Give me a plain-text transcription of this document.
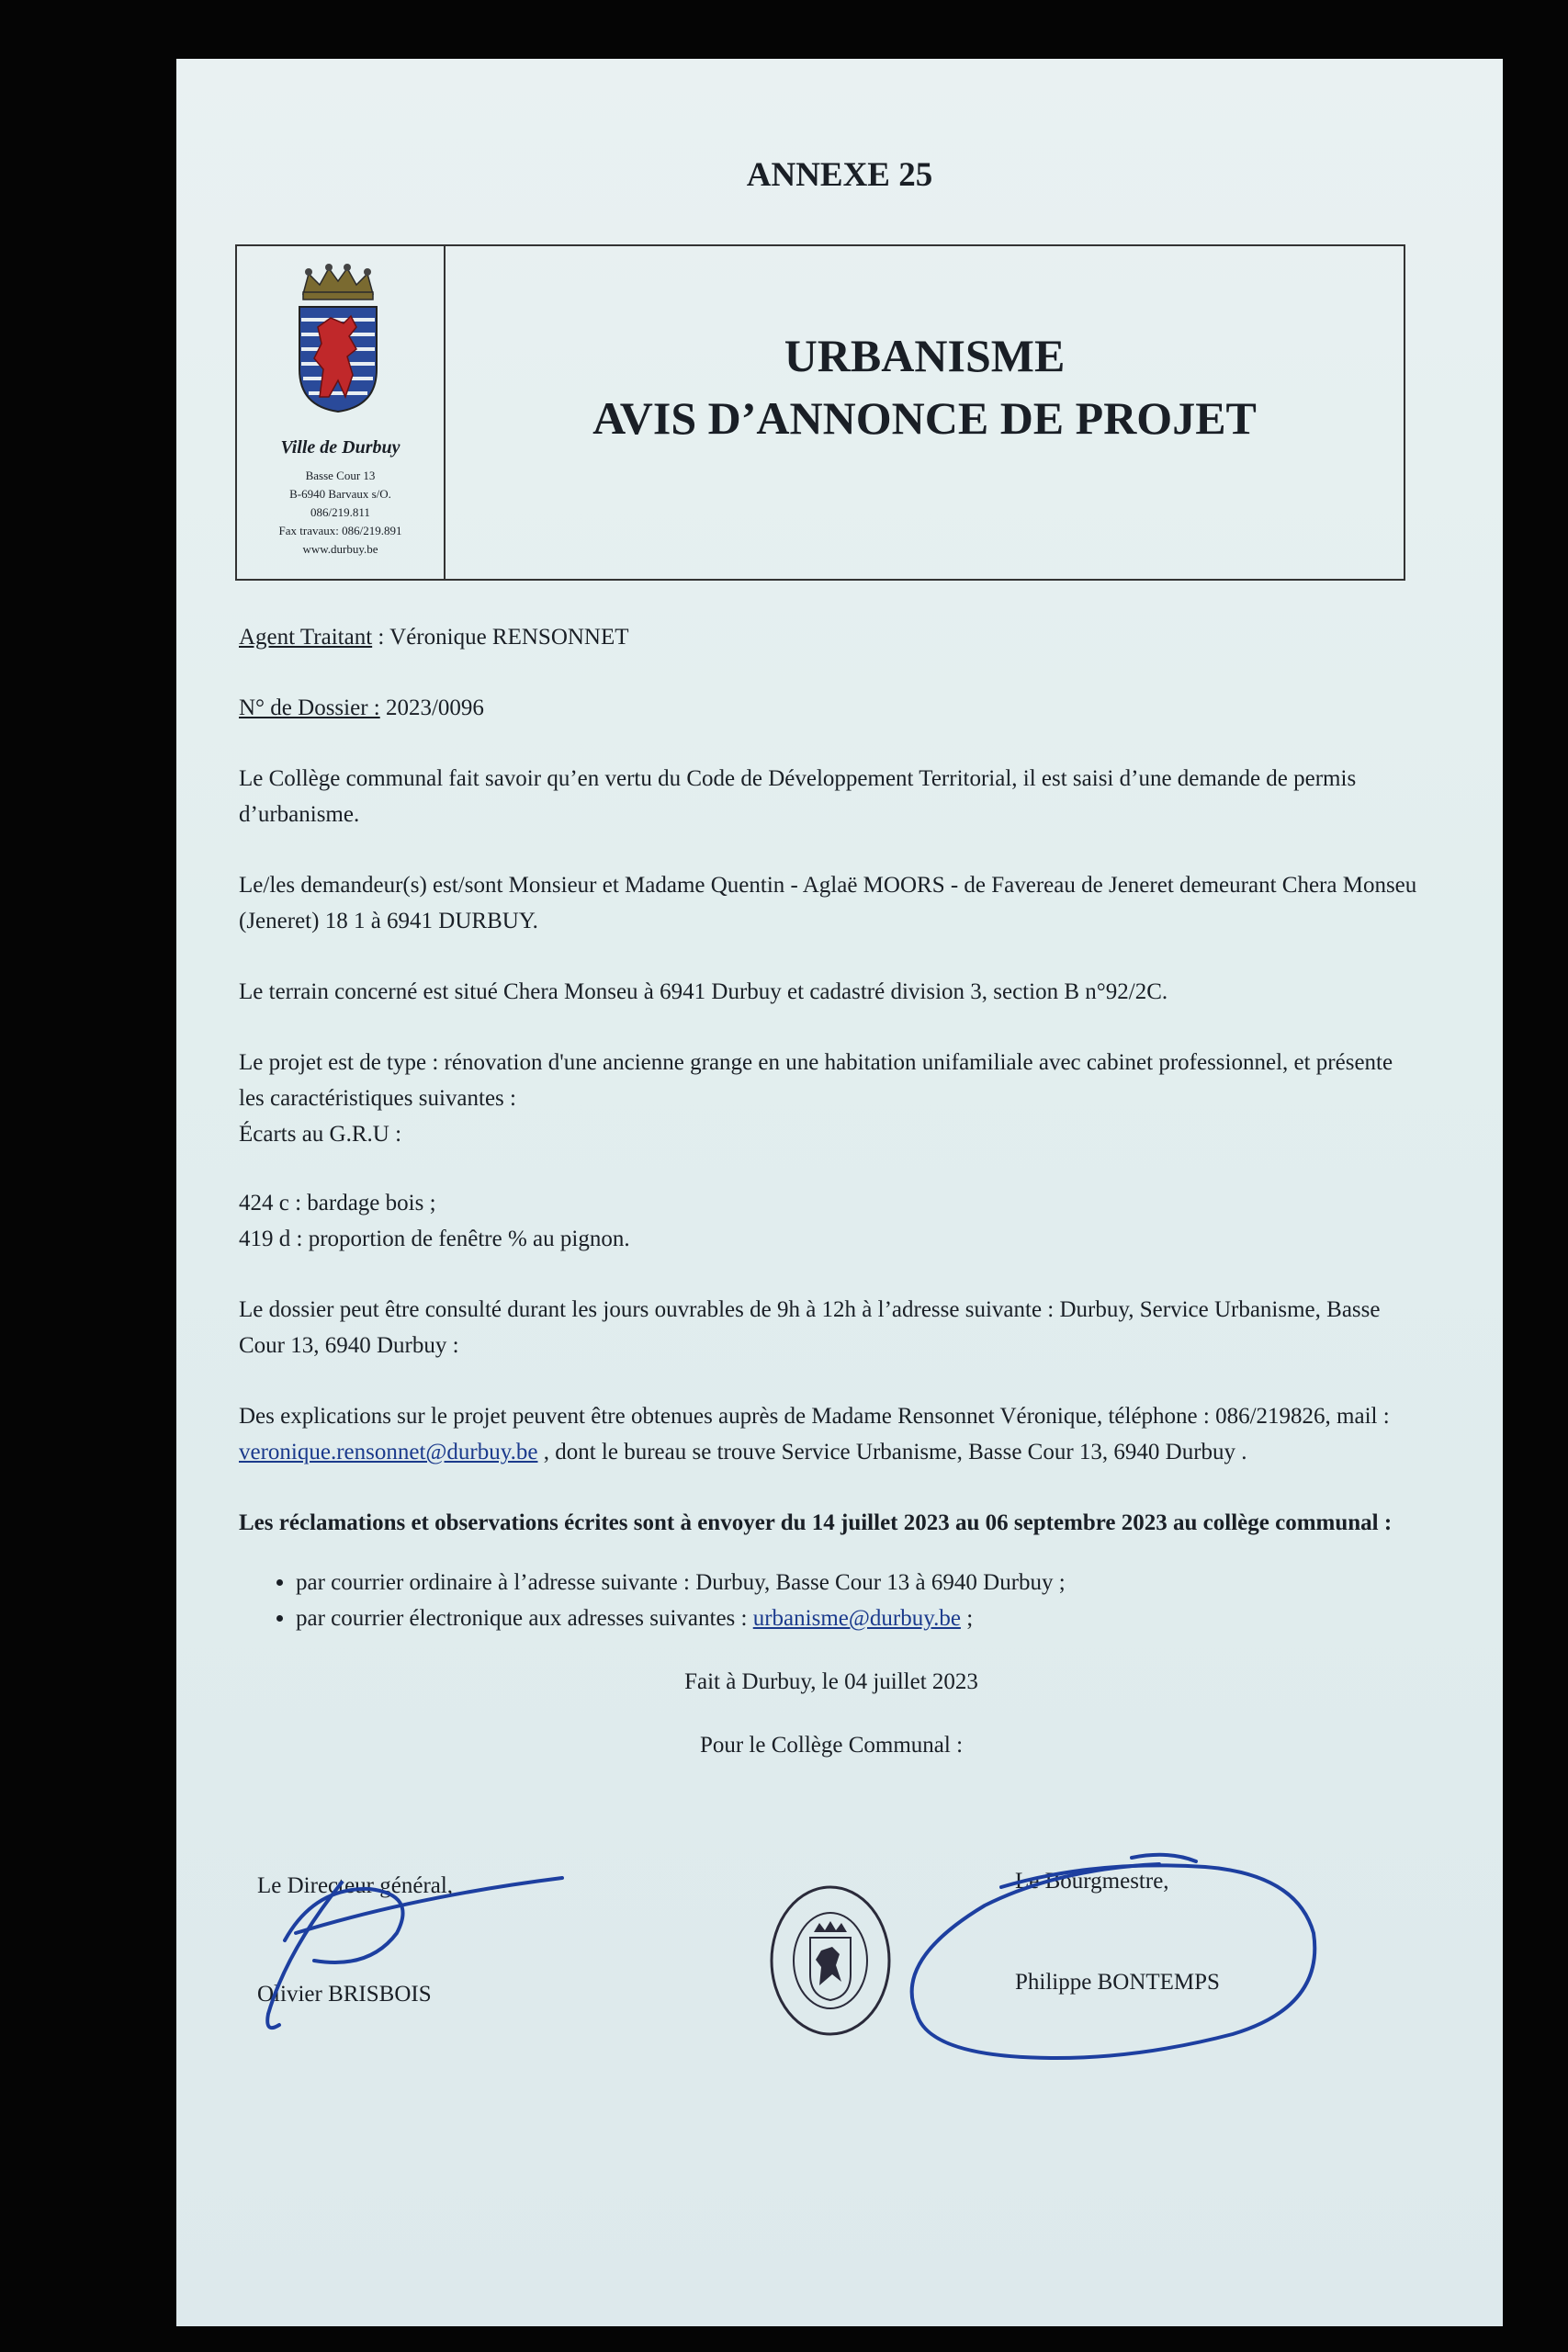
ANNEXE 25
Ville de Durbuy
Basse Cour 13
B-6940 Barvaux s/O.
086/219.811
Fax travaux: 086/219.891
www.durbuy.be
URBANISME
AVIS D’ANNONCE DE PROJET

Agent Traitant : Véronique RENSONNET

N° de Dossier : 2023/0096

Le Collège communal fait savoir qu’en vertu du Code de Développement Territorial, il est saisi d’une demande de permis d’urbanisme.

Le/les demandeur(s) est/sont Monsieur et Madame Quentin - Aglaë MOORS - de Favereau de Jeneret demeurant Chera Monseu (Jeneret) 18 1 à 6941 DURBUY.

Le terrain concerné est situé Chera Monseu à 6941 Durbuy et cadastré division 3, section B n°92/2C.

Le projet est de type : rénovation d'une ancienne grange en une habitation unifamiliale avec cabinet professionnel, et présente les caractéristiques suivantes :
Écarts au G.R.U :

424 c : bardage bois ;
419 d : proportion de fenêtre % au pignon.

Le dossier peut être consulté durant les jours ouvrables de 9h à 12h à l’adresse suivante : Durbuy, Service Urbanisme, Basse Cour 13, 6940 Durbuy :

Des explications sur le projet peuvent être obtenues auprès de Madame Rensonnet Véronique, téléphone : 086/219826, mail : veronique.rensonnet@durbuy.be , dont le bureau se trouve Service Urbanisme, Basse Cour 13, 6940 Durbuy .

Les réclamations et observations écrites sont à envoyer du 14 juillet 2023 au 06 septembre 2023 au collège communal :

• par courrier ordinaire à l’adresse suivante : Durbuy, Basse Cour 13 à 6940 Durbuy ;
• par courrier électronique aux adresses suivantes : urbanisme@durbuy.be ;

Fait à Durbuy, le 04 juillet 2023

Pour le Collège Communal :

Le Directeur général,
Olivier BRISBOIS
Le Bourgmestre,
Philippe BONTEMPS
